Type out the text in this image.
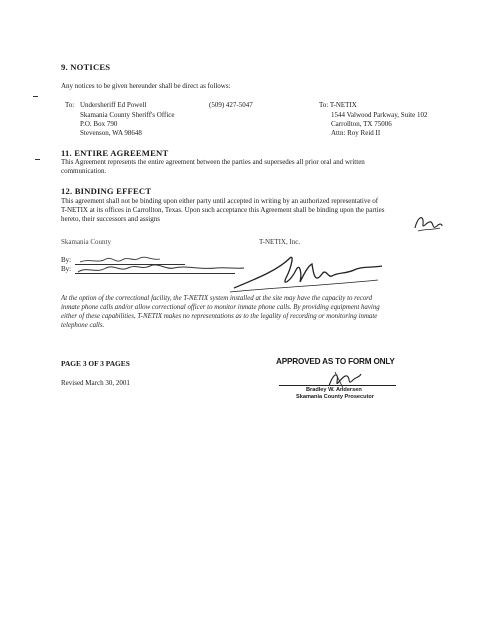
9. NOTICES
Any notices to be given hereunder shall be direct as follows:
To: Undersheriff Ed Powell
Skamania County Sheriff's Office
P.O. Box 790
Stevenson, WA 98648
(509) 427-5047	To: T-NETIX
1544 Valwood Parkway, Suite 102
Carrollton, TX 75006
Attn: Roy Reid II
11. ENTIRE AGREEMENT
This Agreement represents the entire agreement between the parties and supersedes all prior oral and written
communication.
12. BINDING EFFECT
This agreement shall not be binding upon either party until accepted in writing by an authorized representative of
T-NETIX at its offices in Carrollton, Texas. Upon such acceptance this Agreement shall be binding upon the parties
hereto, their successors and assigns
Skamania County	T-NETIX, Inc.
By:
By:
At the option of the correctional facility, the T-NETIX system installed at the site may have the capacity to record
inmate phone calls and/or allow correctional officer to monitor inmate phone calls. By providing equipment having
either of these capabilities, T-NETIX makes no representations as to the legality of recording or monitoring inmate
telephone calls.
PAGE 3 OF 3 PAGES
Revised March 30, 2001
APPROVED AS TO FORM ONLY
Bradley W. Andersen
Skamania County Prosecutor
